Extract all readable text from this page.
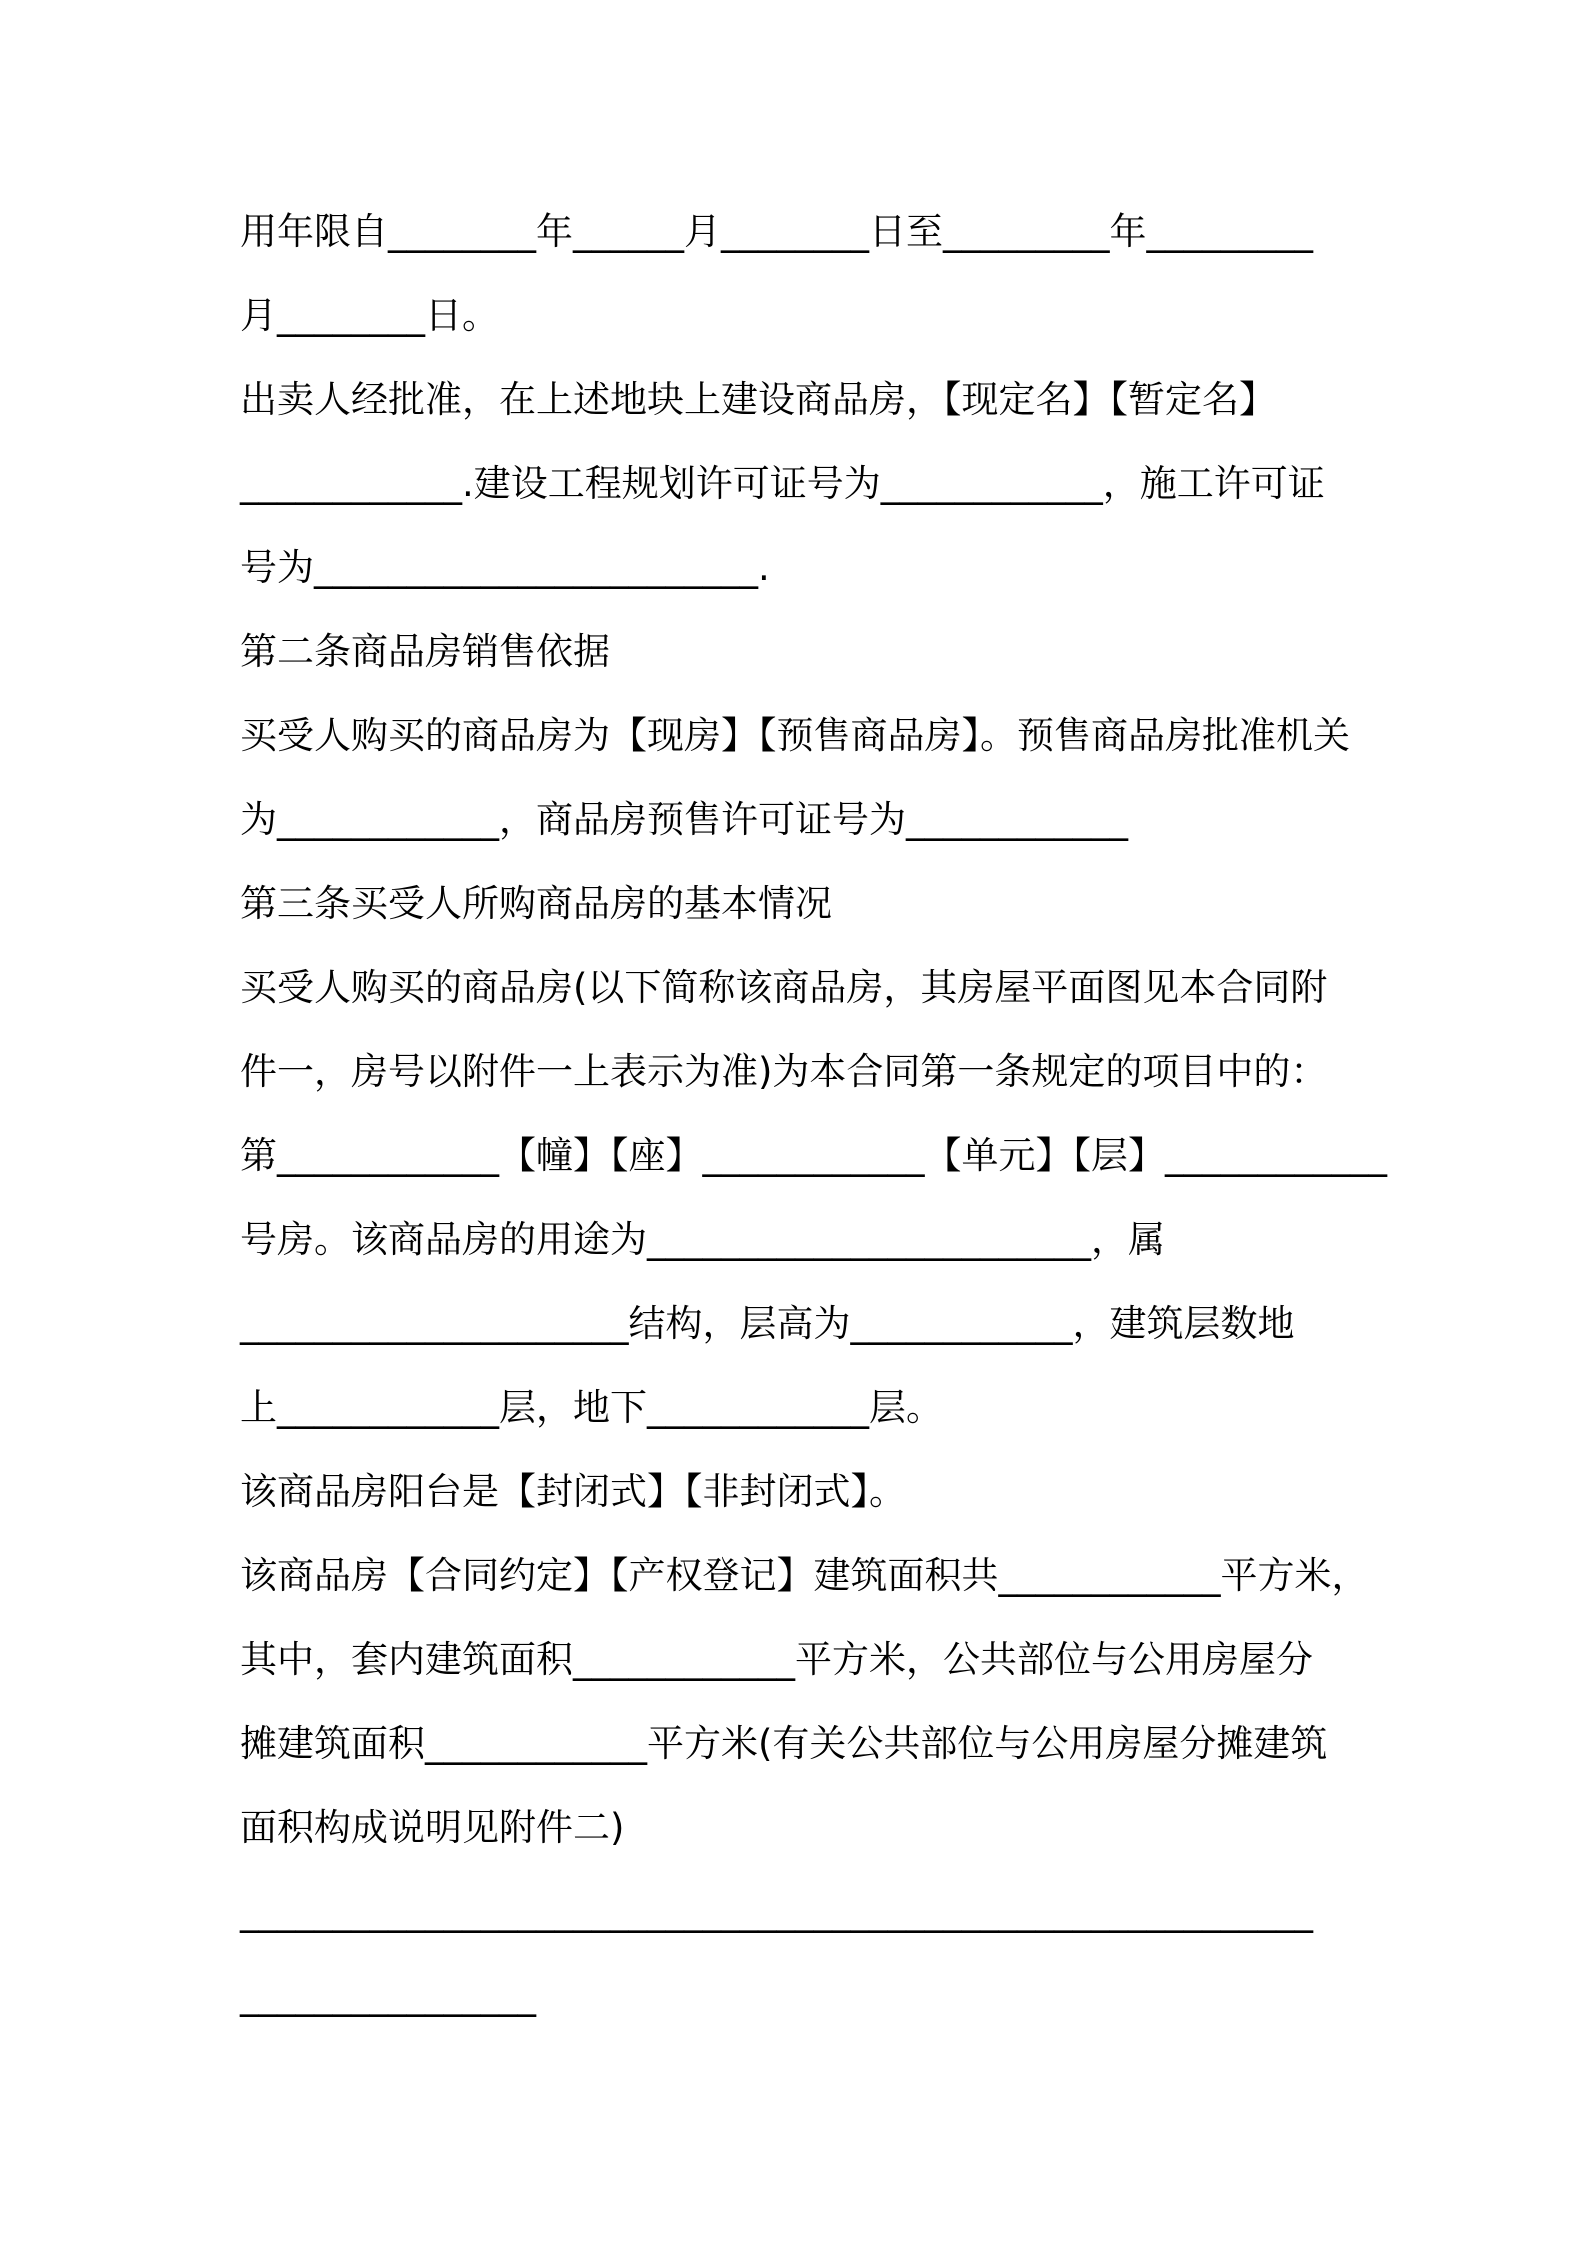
用年限自________年______月________日至_________年_________
月________日。
出卖人经批准，在上述地块上建设商品房，【现定名】【暂定名】
____________.建设工程规划许可证号为____________，施工许可证
号为________________________.
第二条商品房销售依据
买受人购买的商品房为【现房】【预售商品房】。预售商品房批准机关
为____________，商品房预售许可证号为____________
第三条买受人所购商品房的基本情况
买受人购买的商品房(以下简称该商品房，其房屋平面图见本合同附
件一，房号以附件一上表示为准)为本合同第一条规定的项目中的：
第____________【幢】【座】____________【单元】【层】____________
号房。该商品房的用途为________________________，属
_____________________结构，层高为____________，建筑层数地
上____________层，地下____________层。
该商品房阳台是【封闭式】【非封闭式】。
该商品房【合同约定】【产权登记】建筑面积共____________平方米，
其中，套内建筑面积____________平方米，公共部位与公用房屋分
摊建筑面积____________平方米(有关公共部位与公用房屋分摊建筑
面积构成说明见附件二)
__________________________________________________________
________________
